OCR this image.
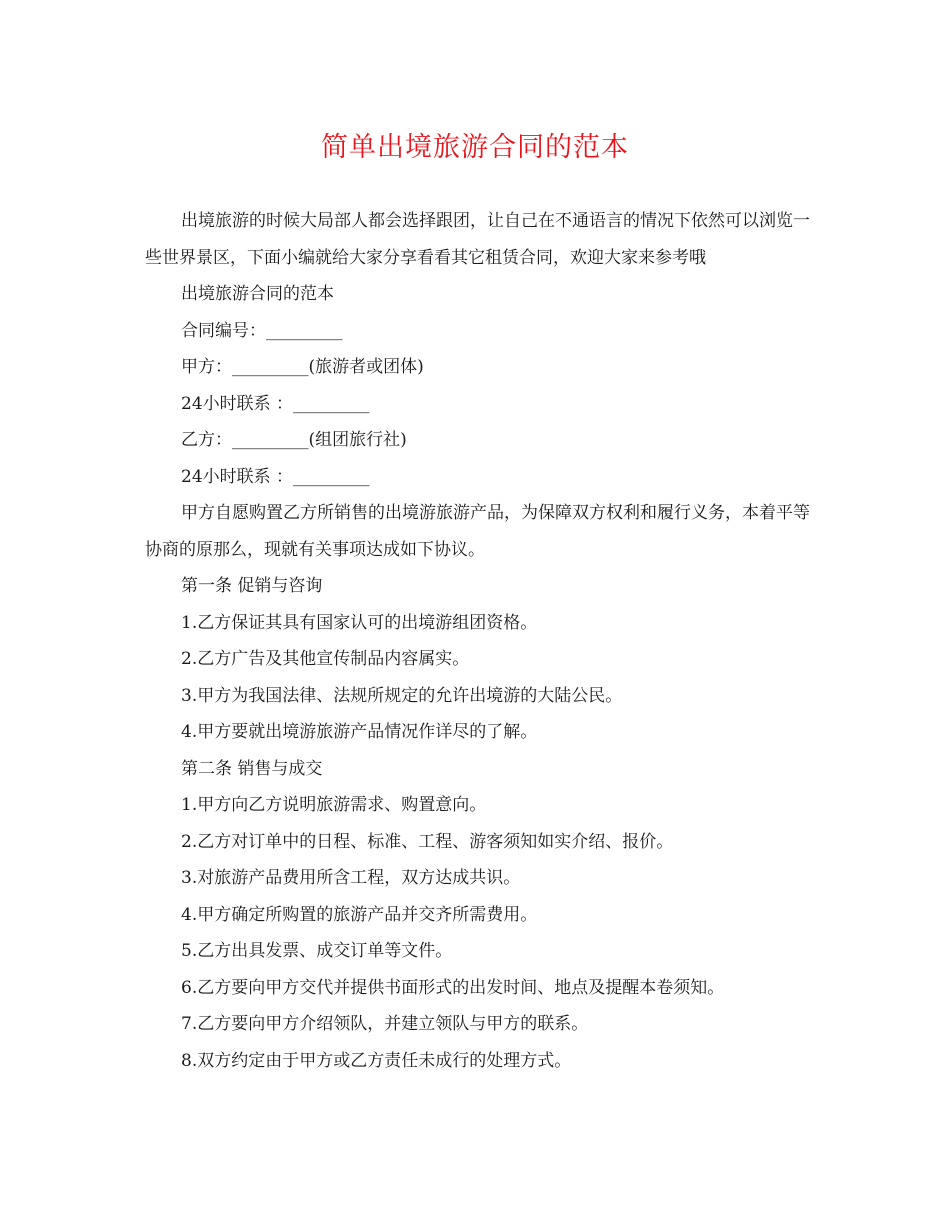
简单出境旅游合同的范本

出境旅游的时候大局部人都会选择跟团，让自己在不通语言的情况下依然可以浏览一些世界景区，下面小编就给大家分享看看其它租赁合同，欢迎大家来参考哦

出境旅游合同的范本

合同编号：_________

甲方：_________(旅游者或团体)

24小时联系 ：_________

乙方：_________(组团旅行社)

24小时联系 ：_________

甲方自愿购置乙方所销售的出境游旅游产品，为保障双方权利和履行义务，本着平等协商的原那么，现就有关事项达成如下协议。

第一条 促销与咨询

1.乙方保证其具有国家认可的出境游组团资格。

2.乙方广告及其他宣传制品内容属实。

3.甲方为我国法律、法规所规定的允许出境游的大陆公民。

4.甲方要就出境游旅游产品情况作详尽的了解。

第二条 销售与成交

1.甲方向乙方说明旅游需求、购置意向。

2.乙方对订单中的日程、标准、工程、游客须知如实介绍、报价。

3.对旅游产品费用所含工程，双方达成共识。

4.甲方确定所购置的旅游产品并交齐所需费用。

5.乙方出具发票、成交订单等文件。

6.乙方要向甲方交代并提供书面形式的出发时间、地点及提醒本卷须知。

7.乙方要向甲方介绍领队，并建立领队与甲方的联系。

8.双方约定由于甲方或乙方责任未成行的处理方式。
